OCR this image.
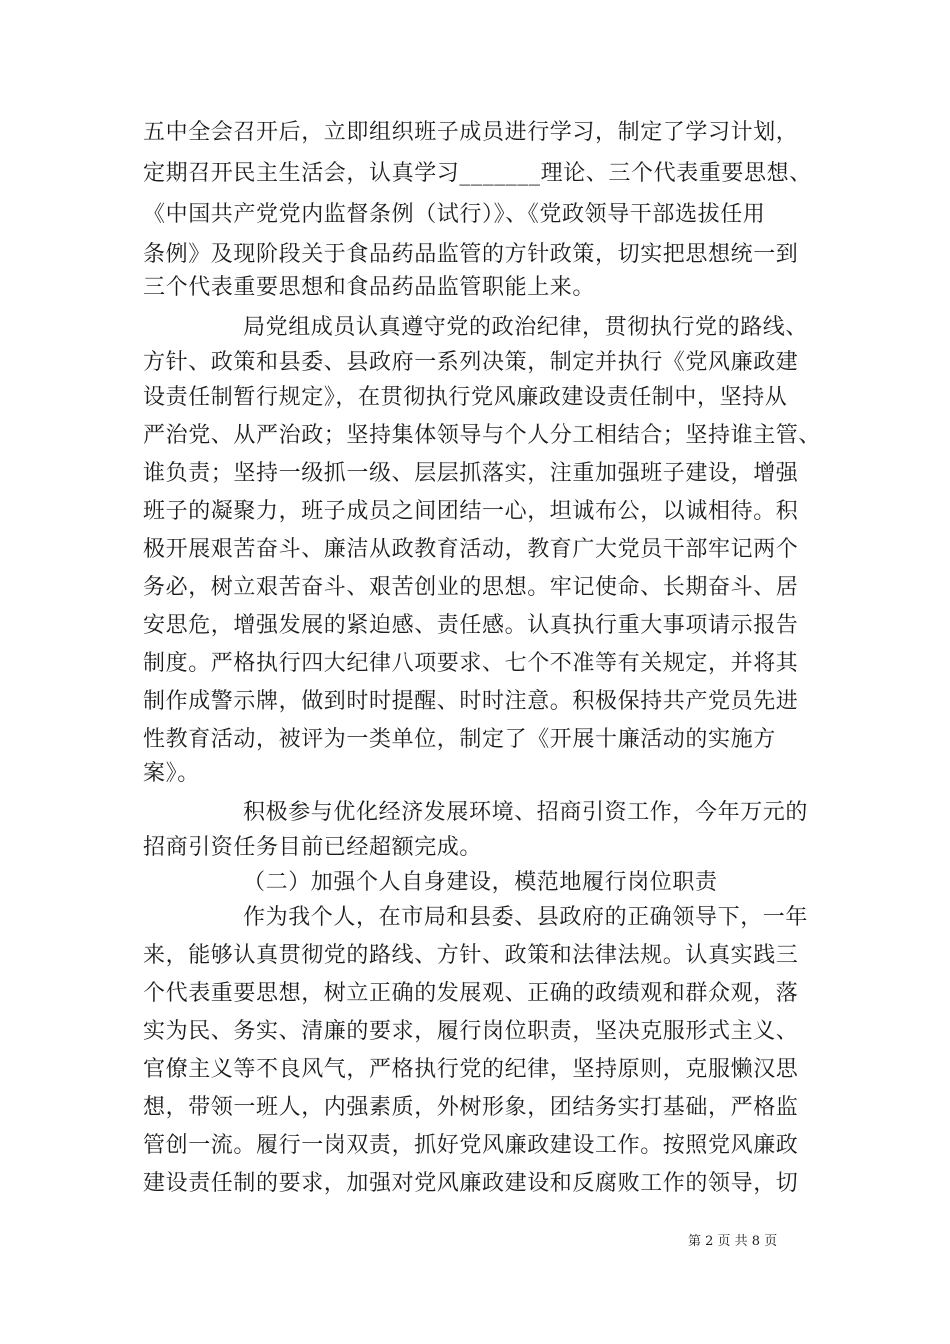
五中全会召开后，立即组织班子成员进行学习，制定了学习计划，
定期召开民主生活会，认真学习_______理论、三个代表重要思想、
《中国共产党党内监督条例（试行）》、《党政领导干部选拔任用
条例》及现阶段关于食品药品监管的方针政策，切实把思想统一到
三个代表重要思想和食品药品监管职能上来。
局党组成员认真遵守党的政治纪律，贯彻执行党的路线、
方针、政策和县委、县政府一系列决策，制定并执行《党风廉政建
设责任制暂行规定》，在贯彻执行党风廉政建设责任制中，坚持从
严治党、从严治政；坚持集体领导与个人分工相结合；坚持谁主管、
谁负责；坚持一级抓一级、层层抓落实，注重加强班子建设，增强
班子的凝聚力，班子成员之间团结一心，坦诚布公，以诚相待。积
极开展艰苦奋斗、廉洁从政教育活动，教育广大党员干部牢记两个
务必，树立艰苦奋斗、艰苦创业的思想。牢记使命、长期奋斗、居
安思危，增强发展的紧迫感、责任感。认真执行重大事项请示报告
制度。严格执行四大纪律八项要求、七个不准等有关规定，并将其
制作成警示牌，做到时时提醒、时时注意。积极保持共产党员先进
性教育活动，被评为一类单位，制定了《开展十廉活动的实施方
案》。
积极参与优化经济发展环境、招商引资工作，今年万元的
招商引资任务目前已经超额完成。
（二）加强个人自身建设，模范地履行岗位职责
作为我个人，在市局和县委、县政府的正确领导下，一年
来，能够认真贯彻党的路线、方针、政策和法律法规。认真实践三
个代表重要思想，树立正确的发展观、正确的政绩观和群众观，落
实为民、务实、清廉的要求，履行岗位职责，坚决克服形式主义、
官僚主义等不良风气，严格执行党的纪律，坚持原则，克服懒汉思
想，带领一班人，内强素质，外树形象，团结务实打基础，严格监
管创一流。履行一岗双责，抓好党风廉政建设工作。按照党风廉政
建设责任制的要求，加强对党风廉政建设和反腐败工作的领导，切
第 2 页 共 8 页
